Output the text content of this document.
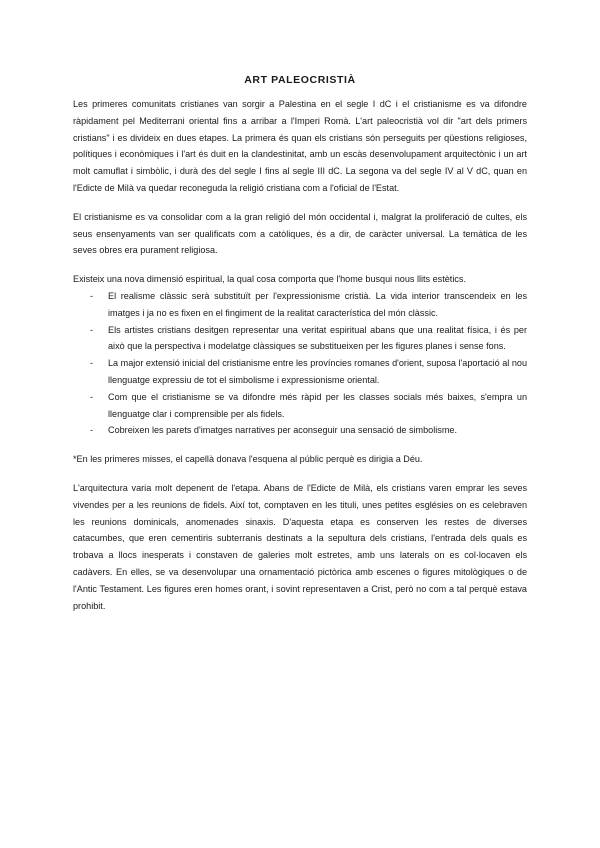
ART PALEOCRISTIÀ

Les primeres comunitats cristianes van sorgir a Palestina en el segle I dC i el cristianisme es va difondre ràpidament pel Mediterrani oriental fins a arribar a l'Imperi Romà. L'art paleocristià vol dir "art dels primers cristians" i es divideix en dues etapes. La primera és quan els cristians són perseguits per qüestions religioses, polítiques i econòmiques i l'art és duit en la clandestinitat, amb un escàs desenvolupament arquitectònic i un art molt camuflat i simbòlic, i durà des del segle I fins al segle III dC. La segona va del segle IV al V dC, quan en l'Edicte de Milà va quedar reconeguda la religió cristiana com a l'oficial de l'Estat.

El cristianisme es va consolidar com a la gran religió del món occidental i, malgrat la proliferació de cultes, els seus ensenyaments van ser qualificats com a catòliques, és a dir, de caràcter universal. La temàtica de les seves obres era purament religiosa.

Existeix una nova dimensió espiritual, la qual cosa comporta que l'home busqui nous llits estètics.

- El realisme clàssic serà substituït per l'expressionisme cristià. La vida interior transcendeix en les imatges i ja no es fixen en el fingiment de la realitat característica del món clàssic.
- Els artistes cristians desitgen representar una veritat espiritual abans que una realitat física, i és per això que la perspectiva i modelatge clàssiques se substitueixen per les figures planes i sense fons.
- La major extensió inicial del cristianisme entre les províncies romanes d'orient, suposa l'aportació al nou llenguatge expressiu de tot el simbolisme i expressionisme oriental.
- Com que el cristianisme se va difondre més ràpid per les classes socials més baixes, s'empra un llenguatge clar i comprensible per als fidels.
- Cobreixen les parets d'imatges narratives per aconseguir una sensació de simbolisme.

*En les primeres misses, el capellà donava l'esquena al públic perquè es dirigia a Déu.

L'arquitectura varia molt depenent de l'etapa. Abans de l'Edicte de Milà, els cristians varen emprar les seves vivendes per a les reunions de fidels. Així tot, comptaven en les tituli, unes petites esglésies on es celebraven les reunions dominicals, anomenades sinaxis. D'aquesta etapa es conserven les restes de diverses catacumbes, que eren cementiris subterranis destinats a la sepultura dels cristians, l'entrada dels quals es trobava a llocs inesperats i constaven de galeries molt estretes, amb uns laterals on es col·locaven els cadàvers. En elles, se va desenvolupar una ornamentació pictòrica amb escenes o figures mitològiques o de l'Antic Testament. Les figures eren homes orant, i sovint representaven a Crist, però no com a tal perquè estava prohibit.
